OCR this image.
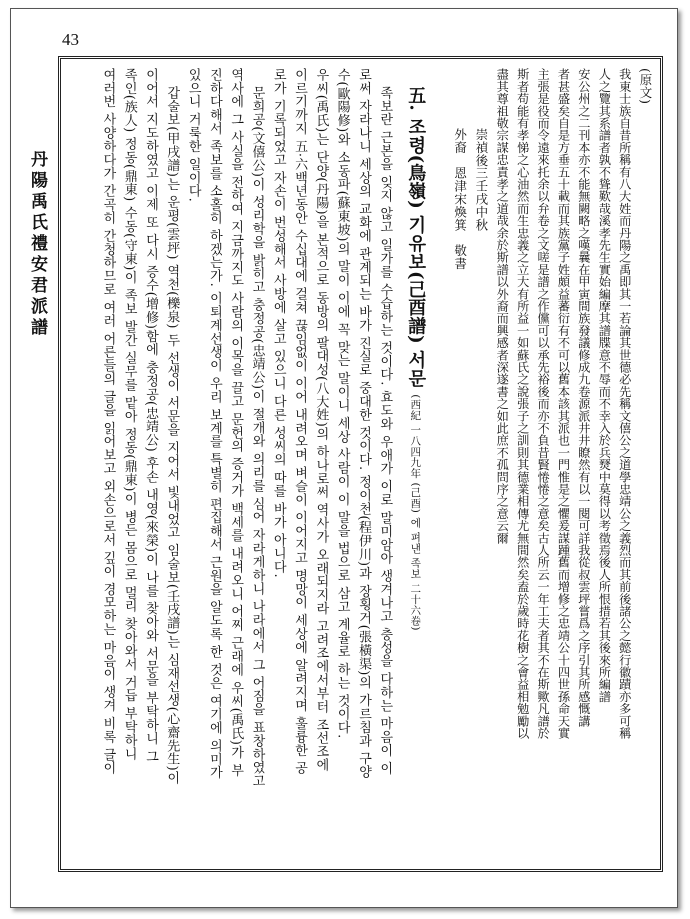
43
丹陽禹氏禮安君派譜
(原文)
我東士族自昔所稱有八大姓而丹陽之禹即其一若論其世德必先稱文僖公之道學忠靖公之義烈而其前後諸公之懿行徽蹟亦多可稱
人之覽其系譜者孰不聳歎哉溪孝先生實始編摩其譜牒意不辱而不幸入於兵燹中莫得以考徵焉後人所恨措若其後來所編譜
安公州之二刊本亦不能無闕略之嘆曩在甲寅間族發議修成九卷源派井井瞭然有以一閱可詳我從叔雲坪嘗爲之序引其所感慨講
者甚盛矣自是方垂五十載而其族黨子姓頗益蕃衍有不可以舊本該其派也一門惟是之懼爰謀踵舊而增修之忠靖公十四世孫命天實
主張是役而令遠來托余以弁卷之文嗟是譜之作儻可以承先裕後而亦不負昔賢惓惓之意矣古人所云一年工夫者其不在斯歟凡譜於
斯者苟能有孝悌之心油然而生忠義之立大有所益一如蘇氏之說張子之訓則其德業相傳尤無間然矣盍於歲時花樹之會益相勉勵以
盡其尊祖敬宗謀忠責孝之道哉余於斯譜以外裔而興感者深遂書之如此庶不孤問序之意云爾
崇禎後三壬戌中秋
外裔　恩津宋煥箕　敬書
五. 조령(鳥嶺) 기유보(己酉譜) 서문 (西紀 一八四九年 (己酉) 에 펴낸 족보 二十六卷)
족보란 근본을 잊지 않고 일가를 수습하는 것이다. 효도와 우애가 이로 말미암아 생겨나고 충성을 다하는 마음이 이
로써 자라나니 세상의 교화에 관계되는 바가 진실로 중대한 것이다. 정이천(程伊川)과 장횡거(張橫渠)의 가르침과 구양
수(歐陽修)와 소동파(蘇東坡)의 말이 이에 꼭 맞는 말이니 세상 사람이 이 말을 법으로 삼고 계율로 하는 것이다.
우씨(禹氏)는 단양(丹陽)을 본적으로 동방의 팔대성(八大姓)의 하나로써 역사가 오래되지라 고려조에서부터 조선조에
이르기까지 五·六백년동안 수십대에 걸쳐 끊임없이 이어 내려오며 벼슬이 이어지고 명망이 세상에 알려지며 훌륭한 공
로가 기록되었고 자손이 번성해서 사방에 살고 있으니 다른 성씨의 따를 바가 아니다.
문희공(文僖公)이 성리학을 밝히고 충정공(忠靖公)이 절개와 의리를 심어 자라게하니 나라에서 그 어짐을 표창하였고
역사에 그 사실을 전하여 지금까지도 사람의 이목을 끌고 문헌의 증거가 백세를 내려오니 어찌 근래에 우씨(禹氏)가 부
진하다해서 족보를 소홀히 하겠는가. 이퇴계선생이 우리 보계를 특별히 편집해서 근원을 알도록 한 것은 여기에 의미가
있으니 거룩한 일이다.
갑술보(甲戌譜)는 운평(雲坪) 역천(櫟泉) 두 선생이 서문을 지어서 빛내었고 임술보(壬戌譜)는 심재선생(心齋先生)이
이어서 지도하였고 이제 또 다시 증수(增修)함에 충정공(忠靖公) 후손 내영(來榮)이 나를 찾아와 서문을 부탁하니 그
족인(族人) 정동(鼎東) 수동(守東)이 족보 발간 실무를 맡아 정동(鼎東)이 병든 몸으로 멀리 찾아와서 거듭 부탁하니
여러번 사양하다가 간곡히 간청하므로 여러 어른들의 글을 읽어보고 외손으로서 깊이 경모하는 마음이 생겨 비록 글이
